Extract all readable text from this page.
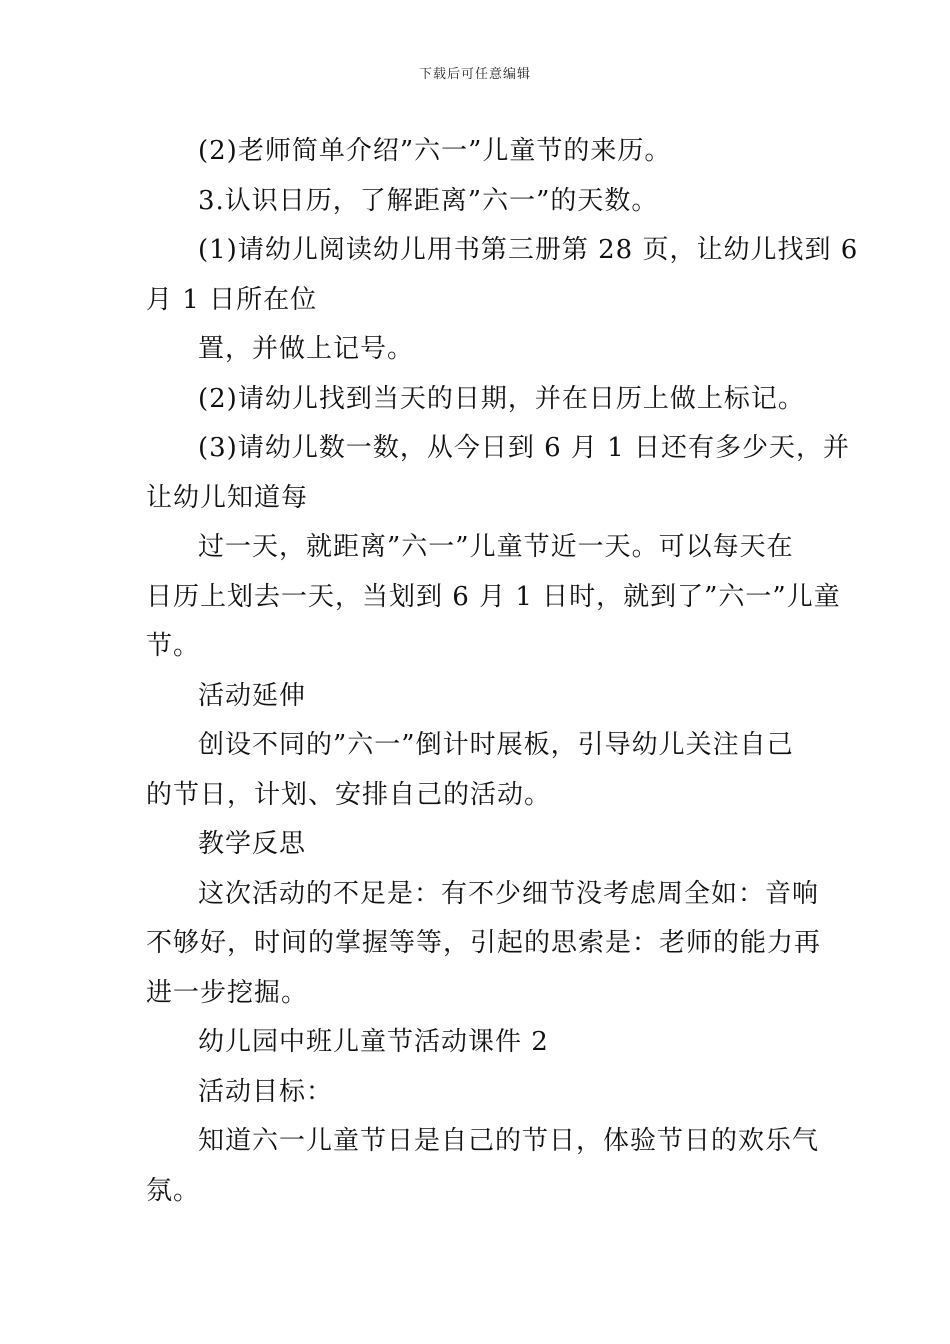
下载后可任意编辑

(2)老师简单介绍”六一”儿童节的来历。

3.认识日历，了解距离”六一”的天数。

(1)请幼儿阅读幼儿用书第三册第 28 页，让幼儿找到 6

月 1 日所在位

置，并做上记号。

(2)请幼儿找到当天的日期，并在日历上做上标记。

(3)请幼儿数一数，从今日到 6 月 1 日还有多少天，并

让幼儿知道每

过一天，就距离”六一”儿童节近一天。可以每天在

日历上划去一天，当划到 6 月 1 日时，就到了”六一”儿童

节。

活动延伸

创设不同的”六一”倒计时展板，引导幼儿关注自己

的节日，计划、安排自己的活动。

教学反思

这次活动的不足是：有不少细节没考虑周全如：音响

不够好，时间的掌握等等，引起的思索是：老师的能力再

进一步挖掘。

幼儿园中班儿童节活动课件 2

活动目标：

知道六一儿童节日是自己的节日，体验节日的欢乐气

氛。
